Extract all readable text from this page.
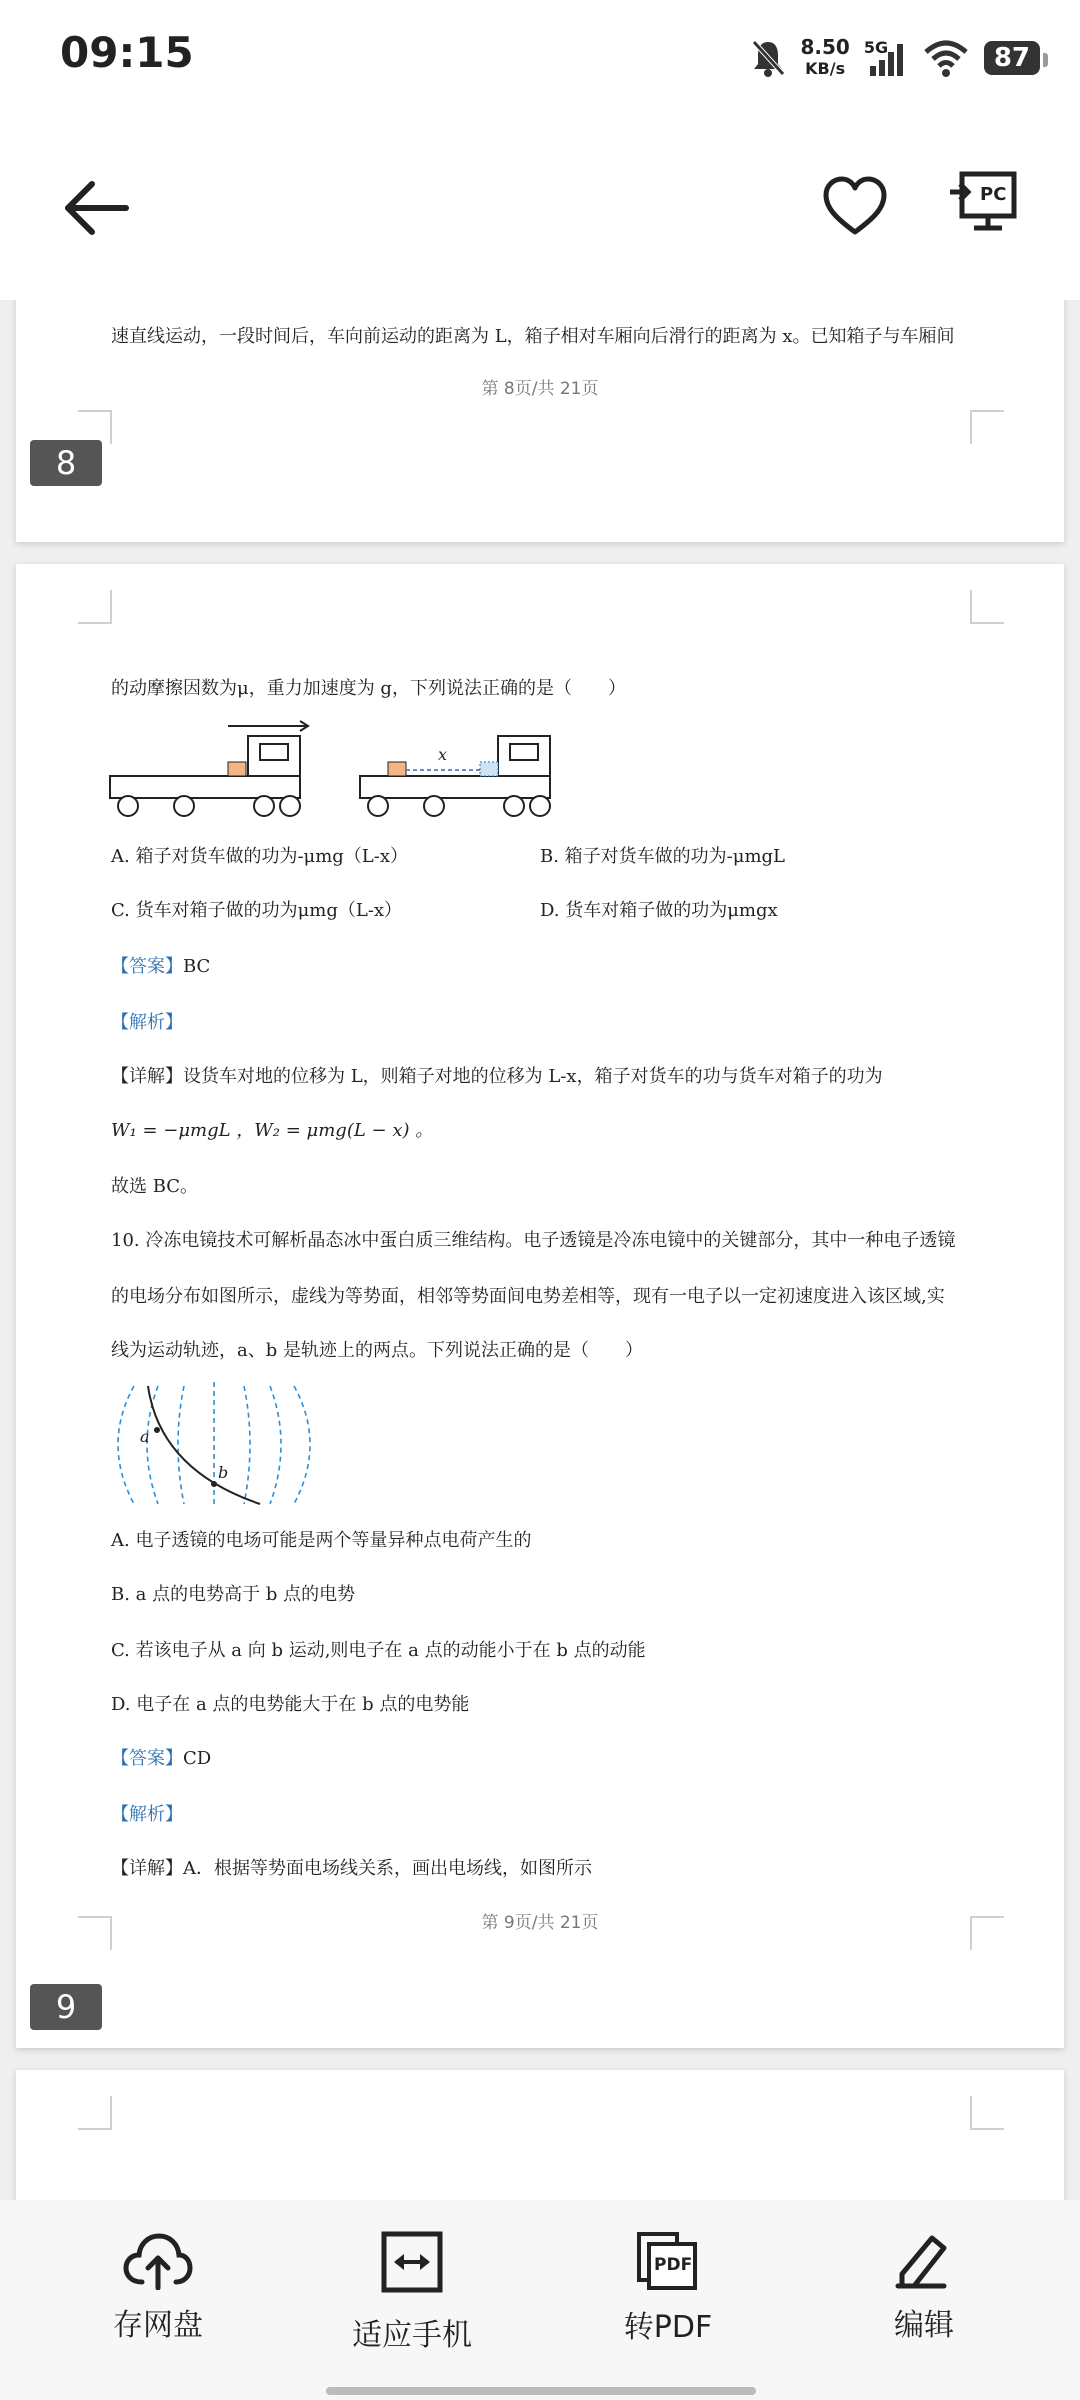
09:15	8.50
KB/s
5G	87
PC
速直线运动，一段时间后，车向前运动的距离为 L，箱子相对车厢向后滑行的距离为 x。已知箱子与车厢间
第 8页/共 21页
8
的动摩擦因数为μ，重力加速度为 g，下列说法正确的是（　　）
x
A. 箱子对货车做的功为-μmg（L-x）	B. 箱子对货车做的功为-μmgL
C. 货车对箱子做的功为μmg（L-x）	D. 货车对箱子做的功为μmgx
【答案】BC
【解析】
【详解】设货车对地的位移为 L，则箱子对地的位移为 L-x，箱子对货车的功与货车对箱子的功为
W₁ = −μmgL ，W₂ = μmg(L − x) 。
故选 BC。
10. 冷冻电镜技术可解析晶态冰中蛋白质三维结构。电子透镜是冷冻电镜中的关键部分，其中一种电子透镜
的电场分布如图所示，虚线为等势面，相邻等势面间电势差相等，现有一电子以一定初速度进入该区域,实
线为运动轨迹，a、b 是轨迹上的两点。下列说法正确的是（　　）
a
b
A. 电子透镜的电场可能是两个等量异种点电荷产生的
B. a 点的电势高于 b 点的电势
C. 若该电子从 a 向 b 运动,则电子在 a 点的动能小于在 b 点的动能
D. 电子在 a 点的电势能大于在 b 点的电势能
【答案】CD
【解析】
【详解】A．根据等势面电场线关系，画出电场线，如图所示
第 9页/共 21页
9
存网盘	适应手机
PDF
转PDF	编辑
